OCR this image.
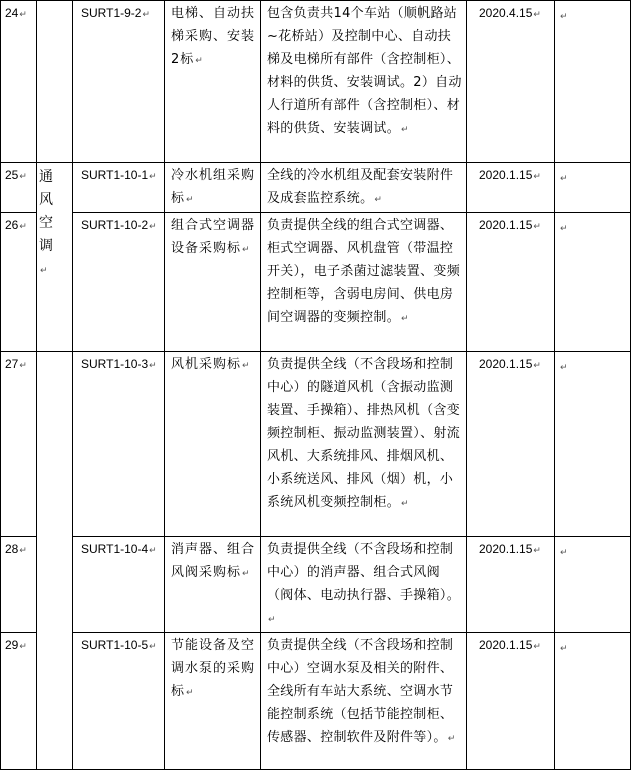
24↵		SURT1-9-2↵	电梯、自动扶梯采购、安装2标↵	包含负责共14个车站（顺帆路站~花桥站）及控制中心、自动扶梯及电梯所有部件（含控制柜）、材料的供货、安装调试。2）自动人行道所有部件（含控制柜）、材料的供货、安装调试。↵	2020.4.15↵	↵
25↵	通
风
空
调↵	SURT1-10-1↵	冷水机组采购标↵	全线的冷水机组及配套安装附件及成套监控系统。↵	2020.1.15↵	↵
26↵		SURT1-10-2↵	组合式空调器设备采购标↵	负责提供全线的组合式空调器、柜式空调器、风机盘管（带温控开关），电子杀菌过滤装置、变频控制柜等，含弱电房间、供电房间空调器的变频控制。↵	2020.1.15↵	↵
27↵		SURT1-10-3↵	风机采购标↵	负责提供全线（不含段场和控制中心）的隧道风机（含振动监测装置、手操箱）、排热风机（含变频控制柜、振动监测装置）、射流风机、大系统排风、排烟风机、小系统送风、排风（烟）机，小系统风机变频控制柜。↵	2020.1.15↵	↵
28↵		SURT1-10-4↵	消声器、组合风阀采购标↵	负责提供全线（不含段场和控制中心）的消声器、组合式风阀（阀体、电动执行器、手操箱）。↵	2020.1.15↵	↵
29↵		SURT1-10-5↵	节能设备及空调水泵的采购标↵	负责提供全线（不含段场和控制中心）空调水泵及相关的附件、全线所有车站大系统、空调水节能控制系统（包括节能控制柜、传感器、控制软件及附件等）。↵	2020.1.15↵	↵
